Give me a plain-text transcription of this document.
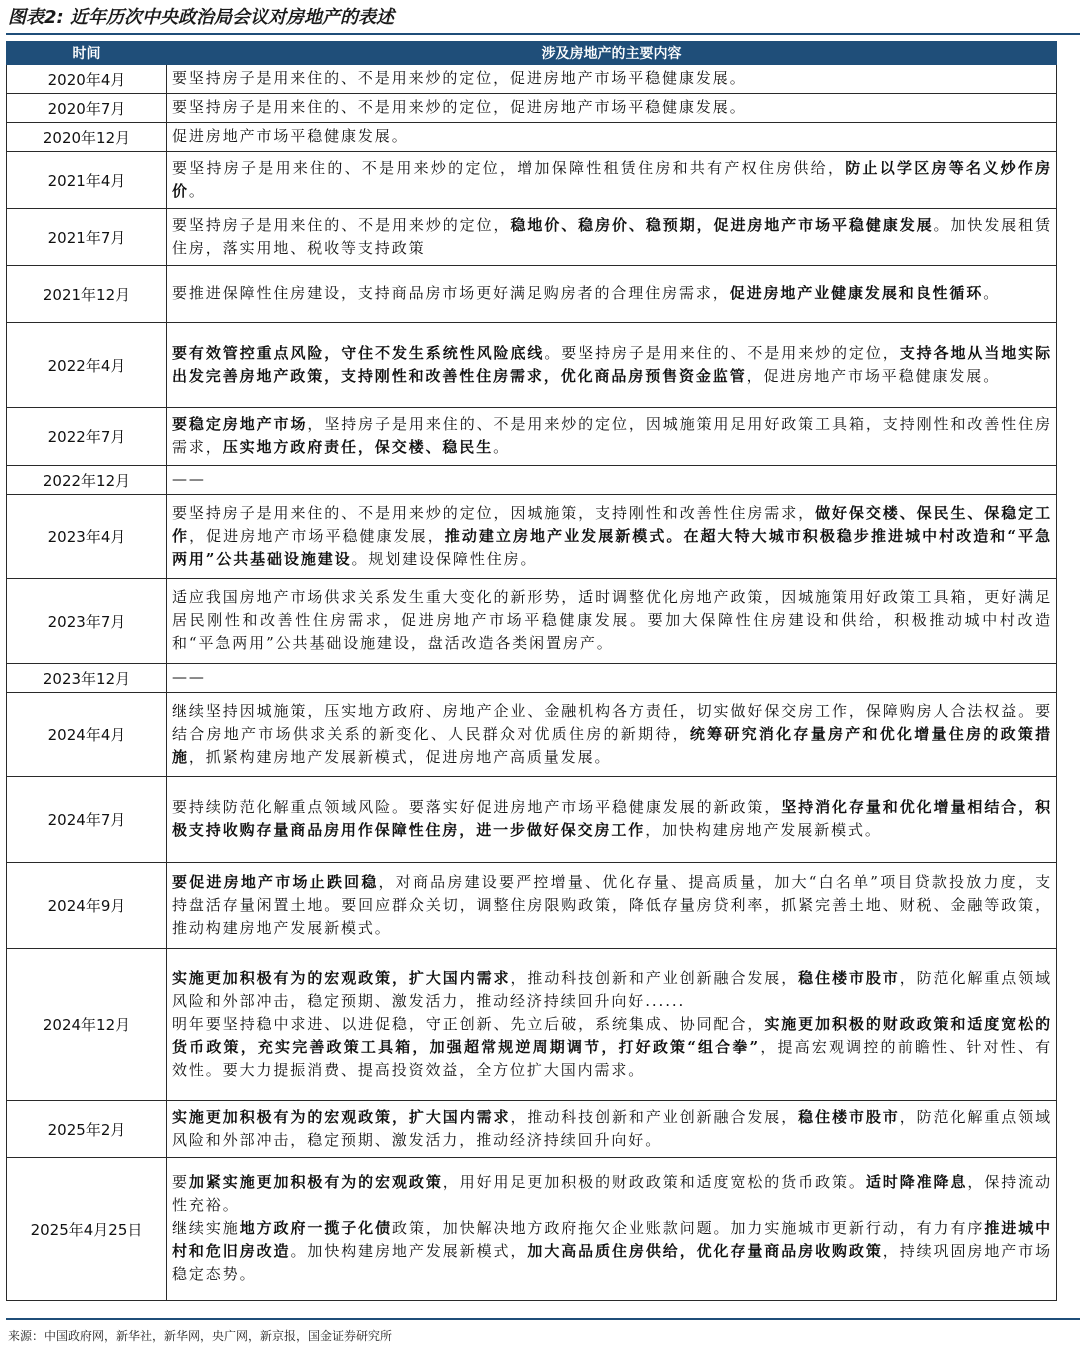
图表2: 近年历次中央政治局会议对房地产的表述
时间	涉及房地产的主要内容
2020年4月	要坚持房子是用来住的、不是用来炒的定位，促进房地产市场平稳健康发展。

2020年7月	要坚持房子是用来住的、不是用来炒的定位，促进房地产市场平稳健康发展。

2020年12月	促进房地产市场平稳健康发展。

2021年4月	要坚持房子是用来住的、不是用来炒的定位，增加保障性租赁住房和共有产权住房供给，防止以学区房等名义炒作房价。

2021年7月	要坚持房子是用来住的、不是用来炒的定位，稳地价、稳房价、稳预期，促进房地产市场平稳健康发展。加快发展租赁住房，落实用地、税收等支持政策

2021年12月	要推进保障性住房建设，支持商品房市场更好满足购房者的合理住房需求，促进房地产业健康发展和良性循环。

2022年4月	要有效管控重点风险，守住不发生系统性风险底线。要坚持房子是用来住的、不是用来炒的定位，支持各地从当地实际出发完善房地产政策，支持刚性和改善性住房需求，优化商品房预售资金监管，促进房地产市场平稳健康发展。

2022年7月	要稳定房地产市场，坚持房子是用来住的、不是用来炒的定位，因城施策用足用好政策工具箱，支持刚性和改善性住房需求，压实地方政府责任，保交楼、稳民生。

2022年12月	——

2023年4月	要坚持房子是用来住的、不是用来炒的定位，因城施策，支持刚性和改善性住房需求，做好保交楼、保民生、保稳定工作，促进房地产市场平稳健康发展，推动建立房地产业发展新模式。在超大特大城市积极稳步推进城中村改造和“平急两用”公共基础设施建设。规划建设保障性住房。

2023年7月	适应我国房地产市场供求关系发生重大变化的新形势，适时调整优化房地产政策，因城施策用好政策工具箱，更好满足居民刚性和改善性住房需求，促进房地产市场平稳健康发展。要加大保障性住房建设和供给，积极推动城中村改造和“平急两用”公共基础设施建设，盘活改造各类闲置房产。

2023年12月	——

2024年4月	继续坚持因城施策，压实地方政府、房地产企业、金融机构各方责任，切实做好保交房工作，保障购房人合法权益。要结合房地产市场供求关系的新变化、人民群众对优质住房的新期待，统筹研究消化存量房产和优化增量住房的政策措施，抓紧构建房地产发展新模式，促进房地产高质量发展。

2024年7月	要持续防范化解重点领域风险。要落实好促进房地产市场平稳健康发展的新政策，坚持消化存量和优化增量相结合，积极支持收购存量商品房用作保障性住房，进一步做好保交房工作，加快构建房地产发展新模式。

2024年9月	要促进房地产市场止跌回稳，对商品房建设要严控增量、优化存量、提高质量，加大“白名单”项目贷款投放力度，支持盘活存量闲置土地。要回应群众关切，调整住房限购政策，降低存量房贷利率，抓紧完善土地、财税、金融等政策，推动构建房地产发展新模式。

2024年12月	实施更加积极有为的宏观政策，扩大国内需求，推动科技创新和产业创新融合发展，稳住楼市股市，防范化解重点领域风险和外部冲击，稳定预期、激发活力，推动经济持续回升向好......
明年要坚持稳中求进、以进促稳，守正创新、先立后破，系统集成、协同配合，实施更加积极的财政政策和适度宽松的货币政策，充实完善政策工具箱，加强超常规逆周期调节，打好政策“组合拳”，提高宏观调控的前瞻性、针对性、有效性。要大力提振消费、提高投资效益，全方位扩大国内需求。

2025年2月	实施更加积极有为的宏观政策，扩大国内需求，推动科技创新和产业创新融合发展，稳住楼市股市，防范化解重点领域风险和外部冲击，稳定预期、激发活力，推动经济持续回升向好。

2025年4月25日	要加紧实施更加积极有为的宏观政策，用好用足更加积极的财政政策和适度宽松的货币政策。适时降准降息，保持流动性充裕。
继续实施地方政府一揽子化债政策，加快解决地方政府拖欠企业账款问题。加力实施城市更新行动，有力有序推进城中村和危旧房改造。加快构建房地产发展新模式，加大高品质住房供给，优化存量商品房收购政策，持续巩固房地产市场稳定态势。
来源：中国政府网，新华社，新华网，央广网，新京报，国金证券研究所
